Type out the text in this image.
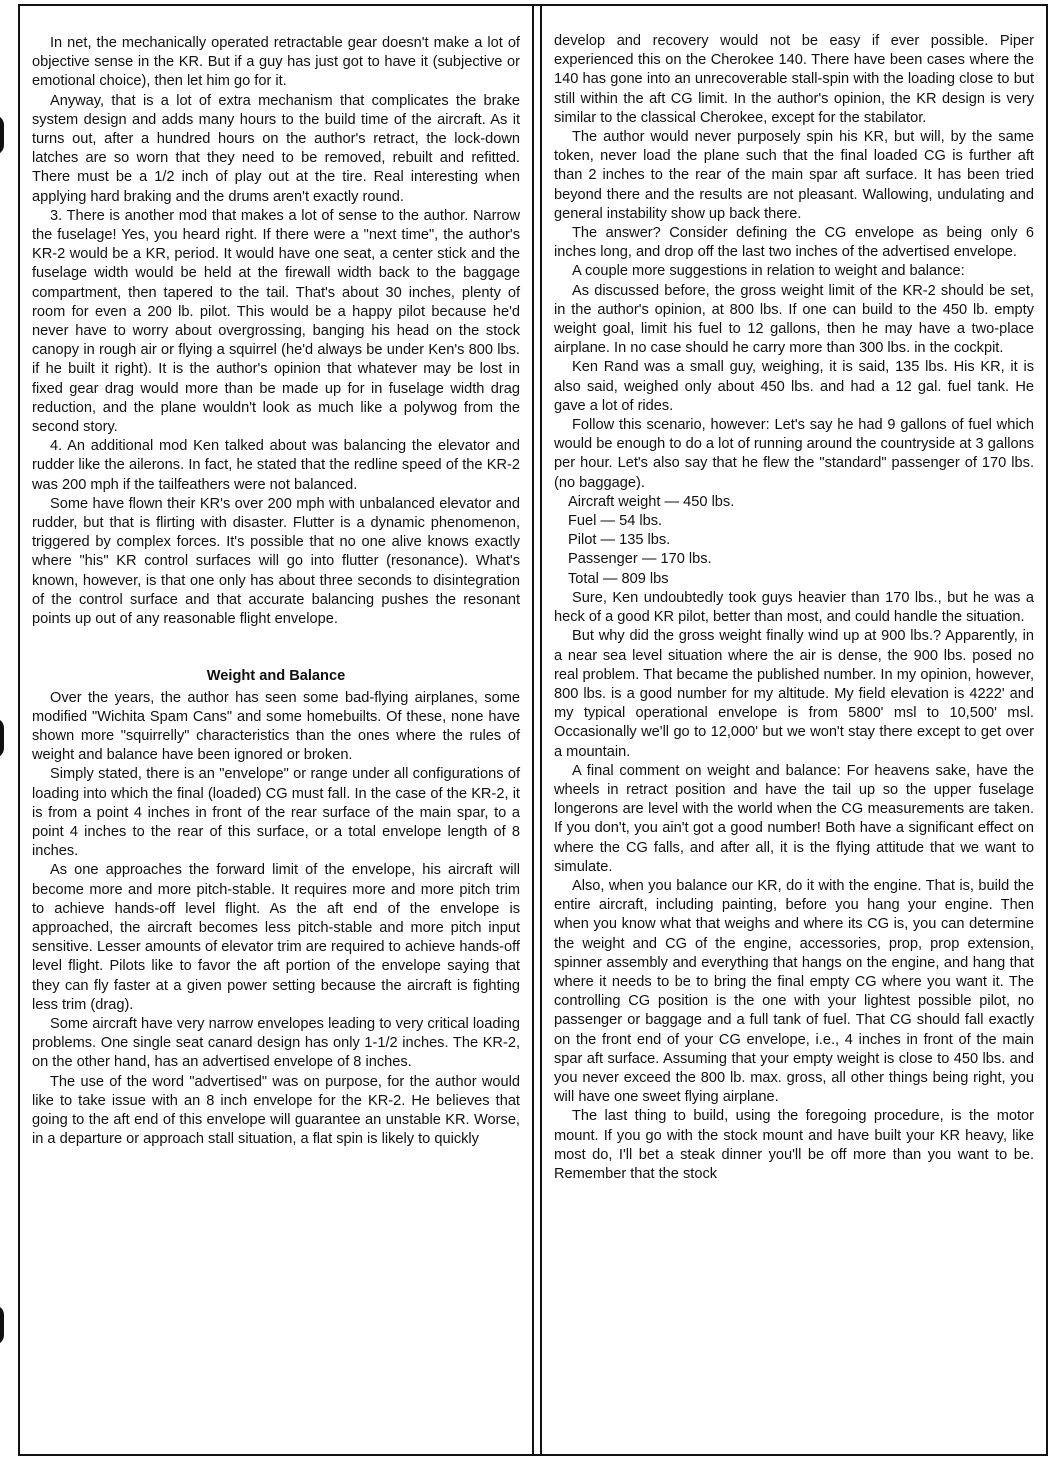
In net, the mechanically operated retractable gear doesn't make a lot of objective sense in the KR. But if a guy has just got to have it (subjective or emotional choice), then let him go for it.

Anyway, that is a lot of extra mechanism that complicates the brake system design and adds many hours to the build time of the aircraft. As it turns out, after a hundred hours on the author's retract, the lock-down latches are so worn that they need to be removed, rebuilt and refitted. There must be a 1/2 inch of play out at the tire. Real interesting when applying hard braking and the drums aren't exactly round.

3. There is another mod that makes a lot of sense to the author. Narrow the fuselage! Yes, you heard right. If there were a "next time", the author's KR-2 would be a KR, period. It would have one seat, a center stick and the fuselage width would be held at the firewall width back to the baggage compartment, then tapered to the tail. That's about 30 inches, plenty of room for even a 200 lb. pilot. This would be a happy pilot because he'd never have to worry about overgrossing, banging his head on the stock canopy in rough air or flying a squirrel (he'd always be under Ken's 800 lbs. if he built it right). It is the author's opinion that whatever may be lost in fixed gear drag would more than be made up for in fuselage width drag reduction, and the plane wouldn't look as much like a polywog from the second story.

4. An additional mod Ken talked about was balancing the elevator and rudder like the ailerons. In fact, he stated that the redline speed of the KR-2 was 200 mph if the tailfeathers were not balanced.

Some have flown their KR's over 200 mph with unbalanced elevator and rudder, but that is flirting with disaster. Flutter is a dynamic phenomenon, triggered by complex forces. It's possible that no one alive knows exactly where "his" KR control surfaces will go into flutter (resonance). What's known, however, is that one only has about three seconds to disintegration of the control surface and that accurate balancing pushes the resonant points up out of any reasonable flight envelope.

Weight and Balance

Over the years, the author has seen some bad-flying airplanes, some modified "Wichita Spam Cans" and some homebuilts. Of these, none have shown more "squirrelly" characteristics than the ones where the rules of weight and balance have been ignored or broken.

Simply stated, there is an "envelope" or range under all configurations of loading into which the final (loaded) CG must fall. In the case of the KR-2, it is from a point 4 inches in front of the rear surface of the main spar, to a point 4 inches to the rear of this surface, or a total envelope length of 8 inches.

As one approaches the forward limit of the envelope, his aircraft will become more and more pitch-stable. It requires more and more pitch trim to achieve hands-off level flight. As the aft end of the envelope is approached, the aircraft becomes less pitch-stable and more pitch input sensitive. Lesser amounts of elevator trim are required to achieve hands-off level flight. Pilots like to favor the aft portion of the envelope saying that they can fly faster at a given power setting because the aircraft is fighting less trim (drag).

Some aircraft have very narrow envelopes leading to very critical loading problems. One single seat canard design has only 1-1/2 inches. The KR-2, on the other hand, has an advertised envelope of 8 inches.

The use of the word "advertised" was on purpose, for the author would like to take issue with an 8 inch envelope for the KR-2. He believes that going to the aft end of this envelope will guarantee an unstable KR. Worse, in a departure or approach stall situation, a flat spin is likely to quickly

develop and recovery would not be easy if ever possible. Piper experienced this on the Cherokee 140. There have been cases where the 140 has gone into an unrecoverable stall-spin with the loading close to but still within the aft CG limit. In the author's opinion, the KR design is very similar to the classical Cherokee, except for the stabilator.

The author would never purposely spin his KR, but will, by the same token, never load the plane such that the final loaded CG is further aft than 2 inches to the rear of the main spar aft surface. It has been tried beyond there and the results are not pleasant. Wallowing, undulating and general instability show up back there.

The answer? Consider defining the CG envelope as being only 6 inches long, and drop off the last two inches of the advertised envelope.

A couple more suggestions in relation to weight and balance:

As discussed before, the gross weight limit of the KR-2 should be set, in the author's opinion, at 800 lbs. If one can build to the 450 lb. empty weight goal, limit his fuel to 12 gallons, then he may have a two-place airplane. In no case should he carry more than 300 lbs. in the cockpit.

Ken Rand was a small guy, weighing, it is said, 135 lbs. His KR, it is also said, weighed only about 450 lbs. and had a 12 gal. fuel tank. He gave a lot of rides.

Follow this scenario, however: Let's say he had 9 gallons of fuel which would be enough to do a lot of running around the countryside at 3 gallons per hour. Let's also say that he flew the "standard" passenger of 170 lbs. (no baggage).

Aircraft weight — 450 lbs.

Fuel — 54 lbs.

Pilot — 135 lbs.

Passenger — 170 lbs.

Total — 809 lbs

Sure, Ken undoubtedly took guys heavier than 170 lbs., but he was a heck of a good KR pilot, better than most, and could handle the situation.

But why did the gross weight finally wind up at 900 lbs.? Apparently, in a near sea level situation where the air is dense, the 900 lbs. posed no real problem. That became the published number. In my opinion, however, 800 lbs. is a good number for my altitude. My field elevation is 4222' and my typical operational envelope is from 5800' msl to 10,500' msl. Occasionally we'll go to 12,000' but we won't stay there except to get over a mountain.

A final comment on weight and balance: For heavens sake, have the wheels in retract position and have the tail up so the upper fuselage longerons are level with the world when the CG measurements are taken. If you don't, you ain't got a good number! Both have a significant effect on where the CG falls, and after all, it is the flying attitude that we want to simulate.

Also, when you balance our KR, do it with the engine. That is, build the entire aircraft, including painting, before you hang your engine. Then when you know what that weighs and where its CG is, you can determine the weight and CG of the engine, accessories, prop, prop extension, spinner assembly and everything that hangs on the engine, and hang that where it needs to be to bring the final empty CG where you want it. The controlling CG position is the one with your lightest possible pilot, no passenger or baggage and a full tank of fuel. That CG should fall exactly on the front end of your CG envelope, i.e., 4 inches in front of the main spar aft surface. Assuming that your empty weight is close to 450 lbs. and you never exceed the 800 lb. max. gross, all other things being right, you will have one sweet flying airplane.

The last thing to build, using the foregoing procedure, is the motor mount. If you go with the stock mount and have built your KR heavy, like most do, I'll bet a steak dinner you'll be off more than you want to be. Remember that the stock
